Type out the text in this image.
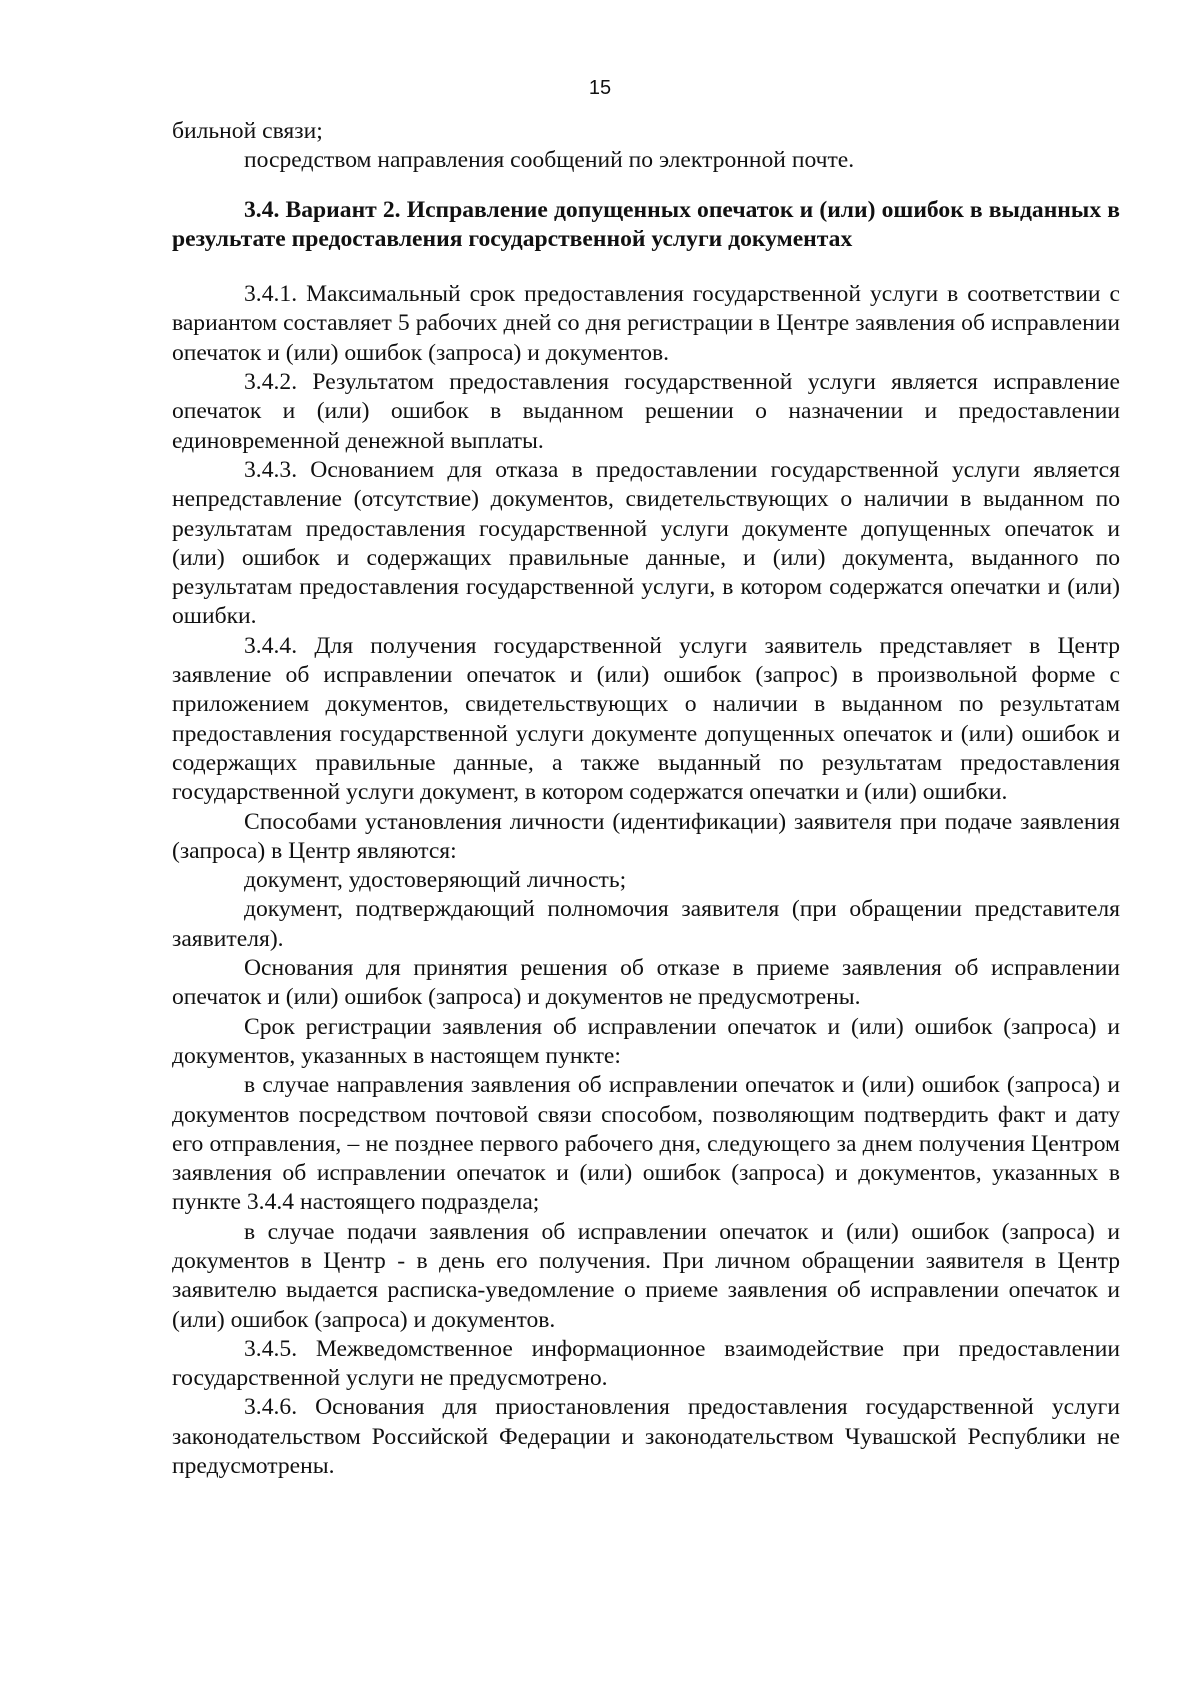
15

бильной связи;

посредством направления сообщений по электронной почте.

3.4. Вариант 2. Исправление допущенных опечаток и (или) ошибок в выданных в результате предоставления государственной услуги документах

3.4.1. Максимальный срок предоставления государственной услуги в соответствии с вариантом составляет 5 рабочих дней со дня регистрации в Центре заявления об исправлении опечаток и (или) ошибок (запроса) и документов.

3.4.2. Результатом предоставления государственной услуги является исправление опечаток и (или) ошибок в выданном решении о назначении и предоставлении единовременной денежной выплаты.

3.4.3. Основанием для отказа в предоставлении государственной услуги является непредставление (отсутствие) документов, свидетельствующих о наличии в выданном по результатам предоставления государственной услуги документе допущенных опечаток и (или) ошибок и содержащих правильные данные, и (или) документа, выданного по результатам предоставления государственной услуги, в котором содержатся опечатки и (или) ошибки.

3.4.4. Для получения государственной услуги заявитель представляет в Центр заявление об исправлении опечаток и (или) ошибок (запрос) в произвольной форме с приложением документов, свидетельствующих о наличии в выданном по результатам предоставления государственной услуги документе допущенных опечаток и (или) ошибок и содержащих правильные данные, а также выданный по результатам предоставления государственной услуги документ, в котором содержатся опечатки и (или) ошибки.

Способами установления личности (идентификации) заявителя при подаче заявления (запроса) в Центр являются:

документ, удостоверяющий личность;

документ, подтверждающий полномочия заявителя (при обращении представителя заявителя).

Основания для принятия решения об отказе в приеме заявления об исправлении опечаток и (или) ошибок (запроса) и документов не предусмотрены.

Срок регистрации заявления об исправлении опечаток и (или) ошибок (запроса) и документов, указанных в настоящем пункте:

в случае направления заявления об исправлении опечаток и (или) ошибок (запроса) и документов посредством почтовой связи способом, позволяющим подтвердить факт и дату его отправления, – не позднее первого рабочего дня, следующего за днем получения Центром заявления об исправлении опечаток и (или) ошибок (запроса) и документов, указанных в пункте 3.4.4 настоящего подраздела;

в случае подачи заявления об исправлении опечаток и (или) ошибок (запроса) и документов в Центр - в день его получения. При личном обращении заявителя в Центр заявителю выдается расписка-уведомление о приеме заявления об исправлении опечаток и (или) ошибок (запроса) и документов.

3.4.5. Межведомственное информационное взаимодействие при предоставлении государственной услуги не предусмотрено.

3.4.6. Основания для приостановления предоставления государственной услуги законодательством Российской Федерации и законодательством Чувашской Республики не предусмотрены.
